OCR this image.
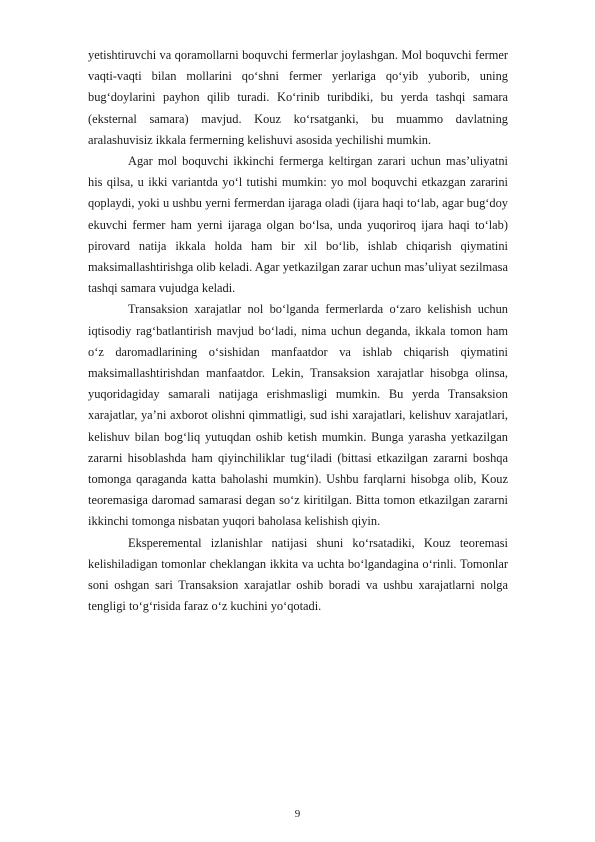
yetishtiruvchi va qoramollarni boquvchi fermerlar joylashgan. Mol boquvchi fermer vaqti-vaqti bilan mollarini qo‘shni fermer yerlariga qo‘yib yuborib, uning bug‘doylarini payhon qilib turadi. Ko‘rinib turibdiki, bu yerda tashqi samara (eksternal samara) mavjud. Kouz ko‘rsatganki, bu muammo davlatning aralashuvisiz ikkala fermerning kelishuvi asosida yechilishi mumkin.

Agar mol boquvchi ikkinchi fermerga keltirgan zarari uchun mas’uliyatni his qilsa, u ikki variantda yo‘l tutishi mumkin: yo mol boquvchi etkazgan zararini qoplaydi, yoki u ushbu yerni fermerdan ijaraga oladi (ijara haqi to‘lab, agar bug‘doy ekuvchi fermer ham yerni ijaraga olgan bo‘lsa, unda yuqoriroq ijara haqi to‘lab) pirovard natija ikkala holda ham bir xil bo‘lib, ishlab chiqarish qiymatini maksimallashtirishga olib keladi. Agar yetkazilgan zarar uchun mas’uliyat sezilmasa tashqi samara vujudga keladi.

Transaksion xarajatlar nol bo‘lganda fermerlarda o‘zaro kelishish uchun iqtisodiy rag‘batlantirish mavjud bo‘ladi, nima uchun deganda, ikkala tomon ham o‘z daromadlarining o‘sishidan manfaatdor va ishlab chiqarish qiymatini maksimallashtirishdan manfaatdor. Lekin, Transaksion xarajatlar hisobga olinsa, yuqoridagiday samarali natijaga erishmasligi mumkin. Bu yerda Transaksion xarajatlar, ya’ni axborot olishni qimmatligi, sud ishi xarajatlari, kelishuv xarajatlari, kelishuv bilan bog‘liq yutuqdan oshib ketish mumkin. Bunga yarasha yetkazilgan zararni hisoblashda ham qiyinchiliklar tug‘iladi (bittasi etkazilgan zararni boshqa tomonga qaraganda katta baholashi mumkin). Ushbu farqlarni hisobga olib, Kouz teoremasiga daromad samarasi degan so‘z kiritilgan. Bitta tomon etkazilgan zararni ikkinchi tomonga nisbatan yuqori baholasa kelishish qiyin.

Eksperemental izlanishlar natijasi shuni ko‘rsatadiki, Kouz teoremasi kelishiladigan tomonlar cheklangan ikkita va uchta bo‘lgandagina o‘rinli. Tomonlar soni oshgan sari Transaksion xarajatlar oshib boradi va ushbu xarajatlarni nolga tengligi to‘g‘risida faraz o‘z kuchini yo‘qotadi.

9
